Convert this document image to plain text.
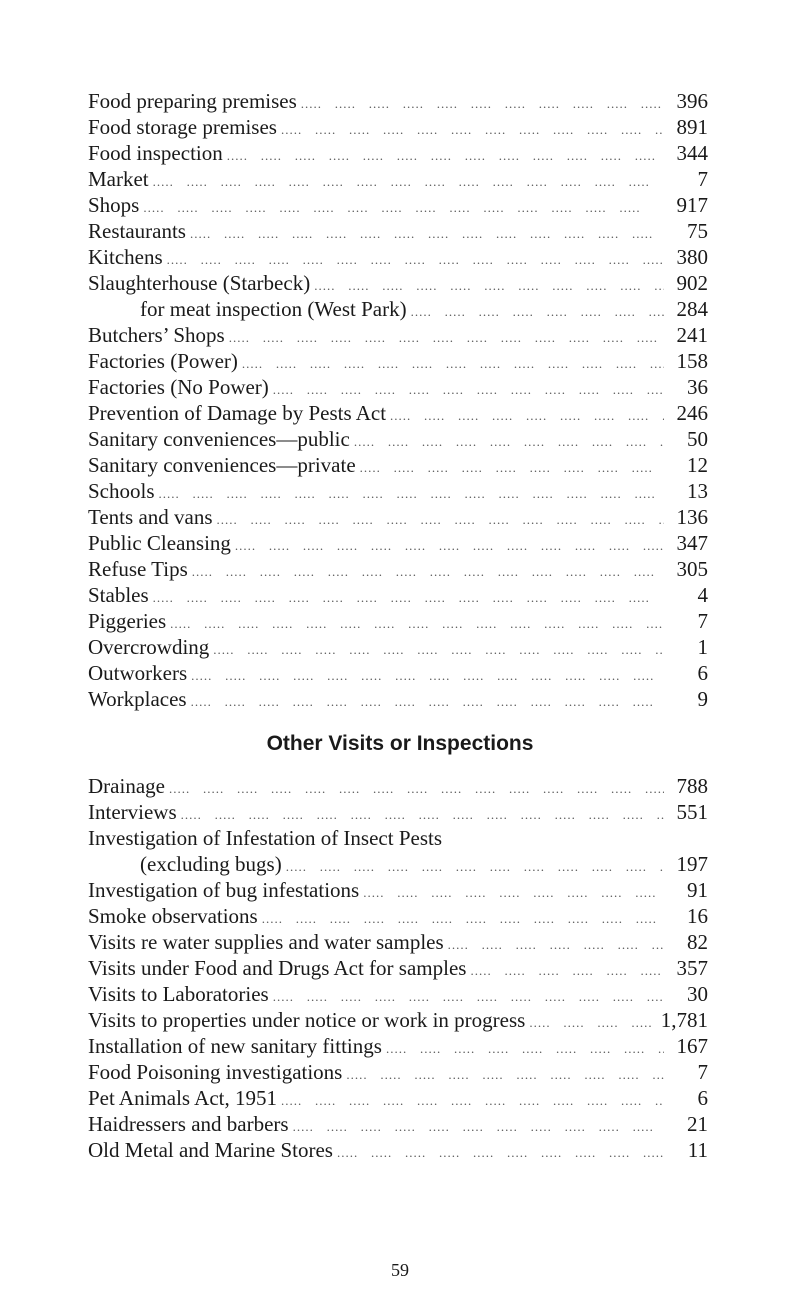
Food preparing premises .....	396
Food storage premises .....	891
Food inspection .....	344
Market .....	7
Shops .....	917
Restaurants .....	75
Kitchens .....	380
Slaughterhouse (Starbeck) .....	902
for meat inspection (West Park) .....	284
Butchers’ Shops .....	241
Factories (Power) .....	158
Factories (No Power) .....	36
Prevention of Damage by Pests Act .....	246
Sanitary conveniences—public .....	50
Sanitary conveniences—private .....	12
Schools .....	13
Tents and vans .....	136
Public Cleansing .....	347
Refuse Tips .....	305
Stables .....	4
Piggeries .....	7
Overcrowding .....	1
Outworkers .....	6
Workplaces .....	9
Other Visits or Inspections
Drainage .....	788
Interviews .....	551
Investigation of Infestation of Insect Pests
(excluding bugs) .....	197
Investigation of bug infestations .....	91
Smoke observations .....	16
Visits re water supplies and water samples .....	82
Visits under Food and Drugs Act for samples .....	357
Visits to Laboratories .....	30
Visits to properties under notice or work in progress .....	1,781
Installation of new sanitary fittings .....	167
Food Poisoning investigations .....	7
Pet Animals Act, 1951 .....	6
Haidressers and barbers .....	21
Old Metal and Marine Stores .....	11
59
